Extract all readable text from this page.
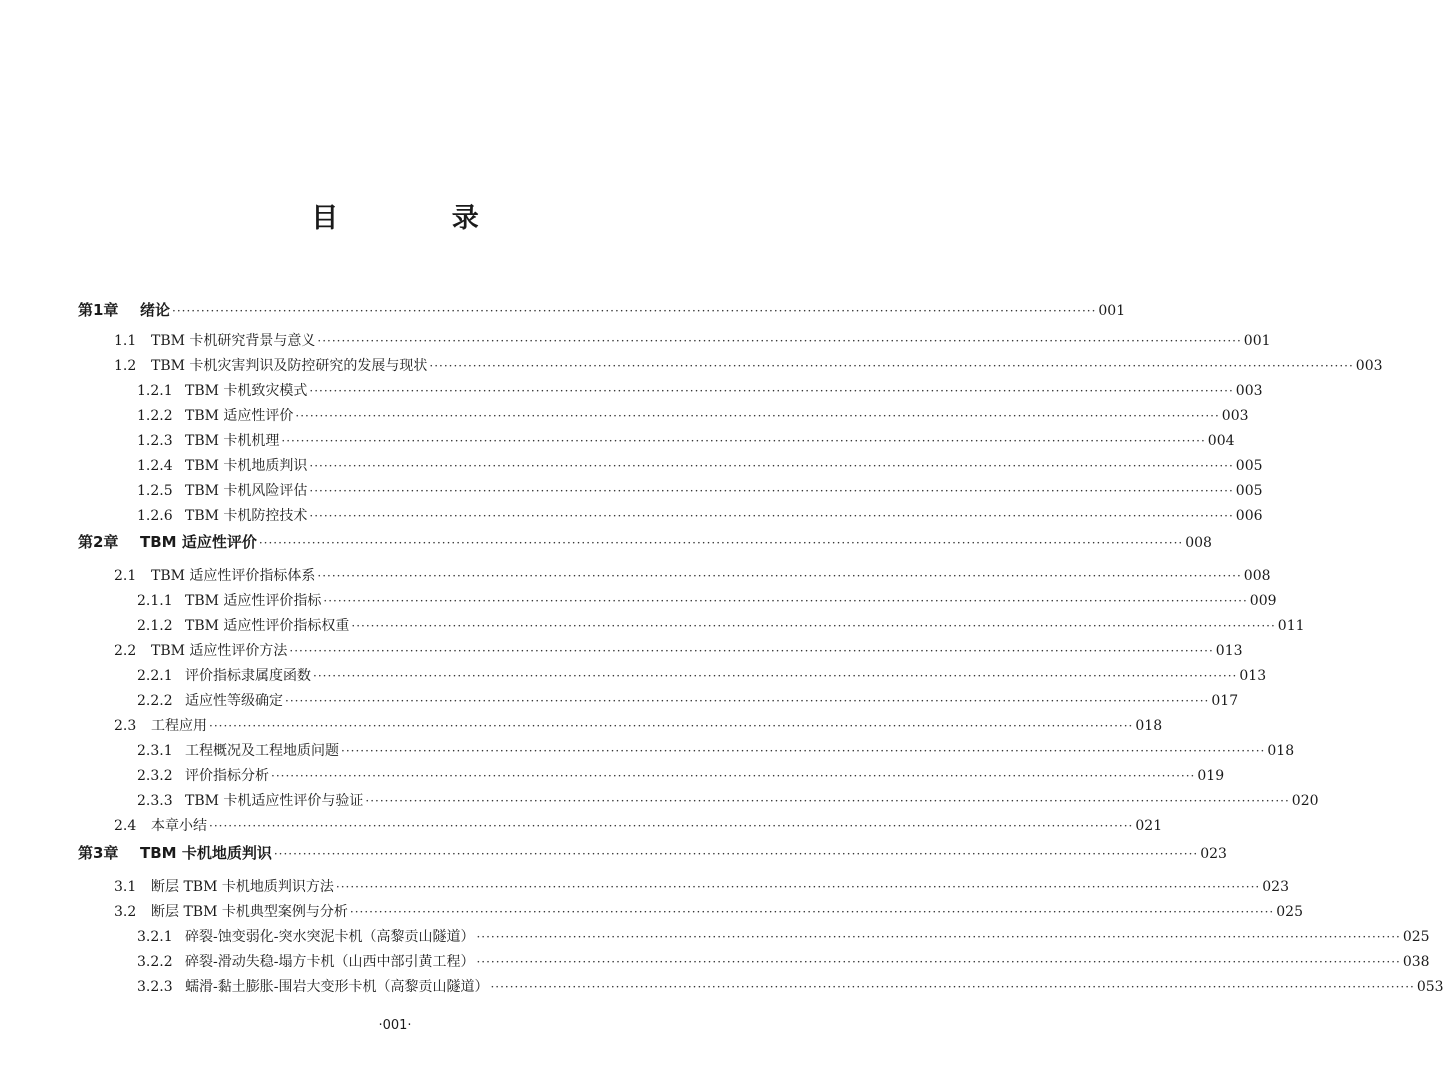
目 录
第1章	绪论 ·····	001
1.1	TBM 卡机研究背景与意义 ·····	001
1.2	TBM 卡机灾害判识及防控研究的发展与现状 ·····	003
1.2.1 TBM 卡机致灾模式 ·····	003
1.2.2 TBM 适应性评价 ·····	003
1.2.3 TBM 卡机机理 ·····	004
1.2.4 TBM 卡机地质判识 ·····	005
1.2.5 TBM 卡机风险评估 ·····	005
1.2.6 TBM 卡机防控技术 ·····	006
第2章	TBM 适应性评价 ·····	008
2.1	TBM 适应性评价指标体系 ·····	008
2.1.1 TBM 适应性评价指标 ·····	009
2.1.2 TBM 适应性评价指标权重 ·····	011
2.2	TBM 适应性评价方法 ·····	013
2.2.1 评价指标隶属度函数 ·····	013
2.2.2 适应性等级确定 ·····	017
2.3	工程应用 ·····	018
2.3.1 工程概况及工程地质问题 ·····	018
2.3.2 评价指标分析 ·····	019
2.3.3 TBM 卡机适应性评价与验证 ·····	020
2.4	本章小结 ·····	021
第3章	TBM 卡机地质判识 ·····	023
3.1	断层 TBM 卡机地质判识方法 ·····	023
3.2	断层 TBM 卡机典型案例与分析 ·····	025
3.2.1 碎裂-蚀变弱化-突水突泥卡机（高黎贡山隧道） ·····	025
3.2.2 碎裂-滑动失稳-塌方卡机（山西中部引黄工程） ·····	038
3.2.3 蠕滑-黏土膨胀-围岩大变形卡机（高黎贡山隧道） ·····	053
·001·
